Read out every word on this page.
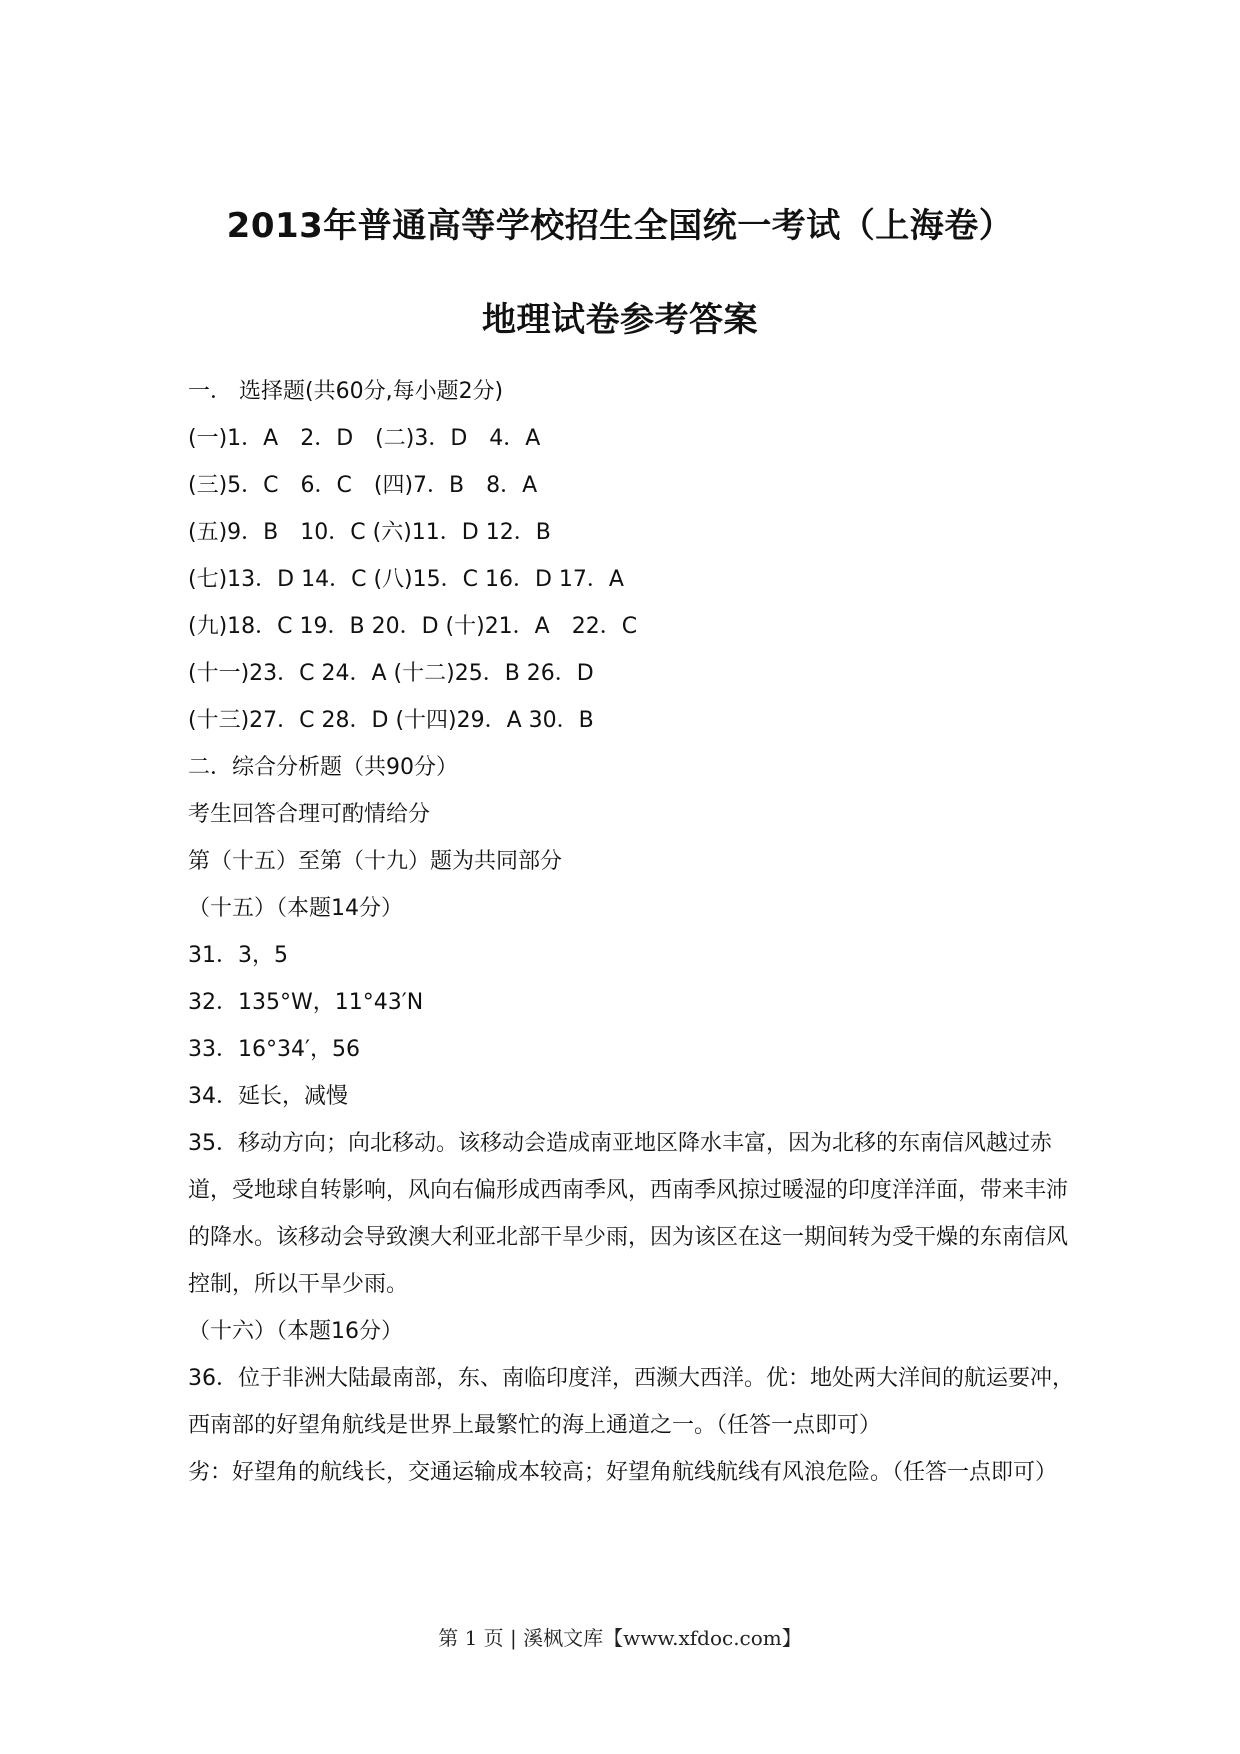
2013年普通高等学校招生全国统一考试（上海卷）
地理试卷参考答案
一． 选择题(共60分,每小题2分)
(一)1．A　2．D　(二)3．D　4．A
(三)5．C　6．C　(四)7．B　8．A
(五)9．B　10．C (六)11．D 12．B
(七)13．D 14．C (八)15．C 16．D 17．A
(九)18．C 19．B 20．D (十)21．A　22．C
(十一)23．C 24．A (十二)25．B 26．D
(十三)27．C 28．D (十四)29．A 30．B
二．综合分析题（共90分）
考生回答合理可酌情给分
第（十五）至第（十九）题为共同部分
（十五）（本题14分）
31．3，5
32．135°W，11°43′N
33．16°34′，56
34．延长，减慢
35．移动方向；向北移动。该移动会造成南亚地区降水丰富，因为北移的东南信风越过赤道，受地球自转影响，风向右偏形成西南季风，西南季风掠过暖湿的印度洋洋面，带来丰沛的降水。该移动会导致澳大利亚北部干旱少雨，因为该区在这一期间转为受干燥的东南信风控制，所以干旱少雨。
（十六）（本题16分）
36．位于非洲大陆最南部，东、南临印度洋，西濒大西洋。优：地处两大洋间的航运要冲，西南部的好望角航线是世界上最繁忙的海上通道之一。（任答一点即可）
劣：好望角的航线长，交通运输成本较高；好望角航线航线有风浪危险。（任答一点即可）
第 1 页 | 溪枫文库【www.xfdoc.com】
